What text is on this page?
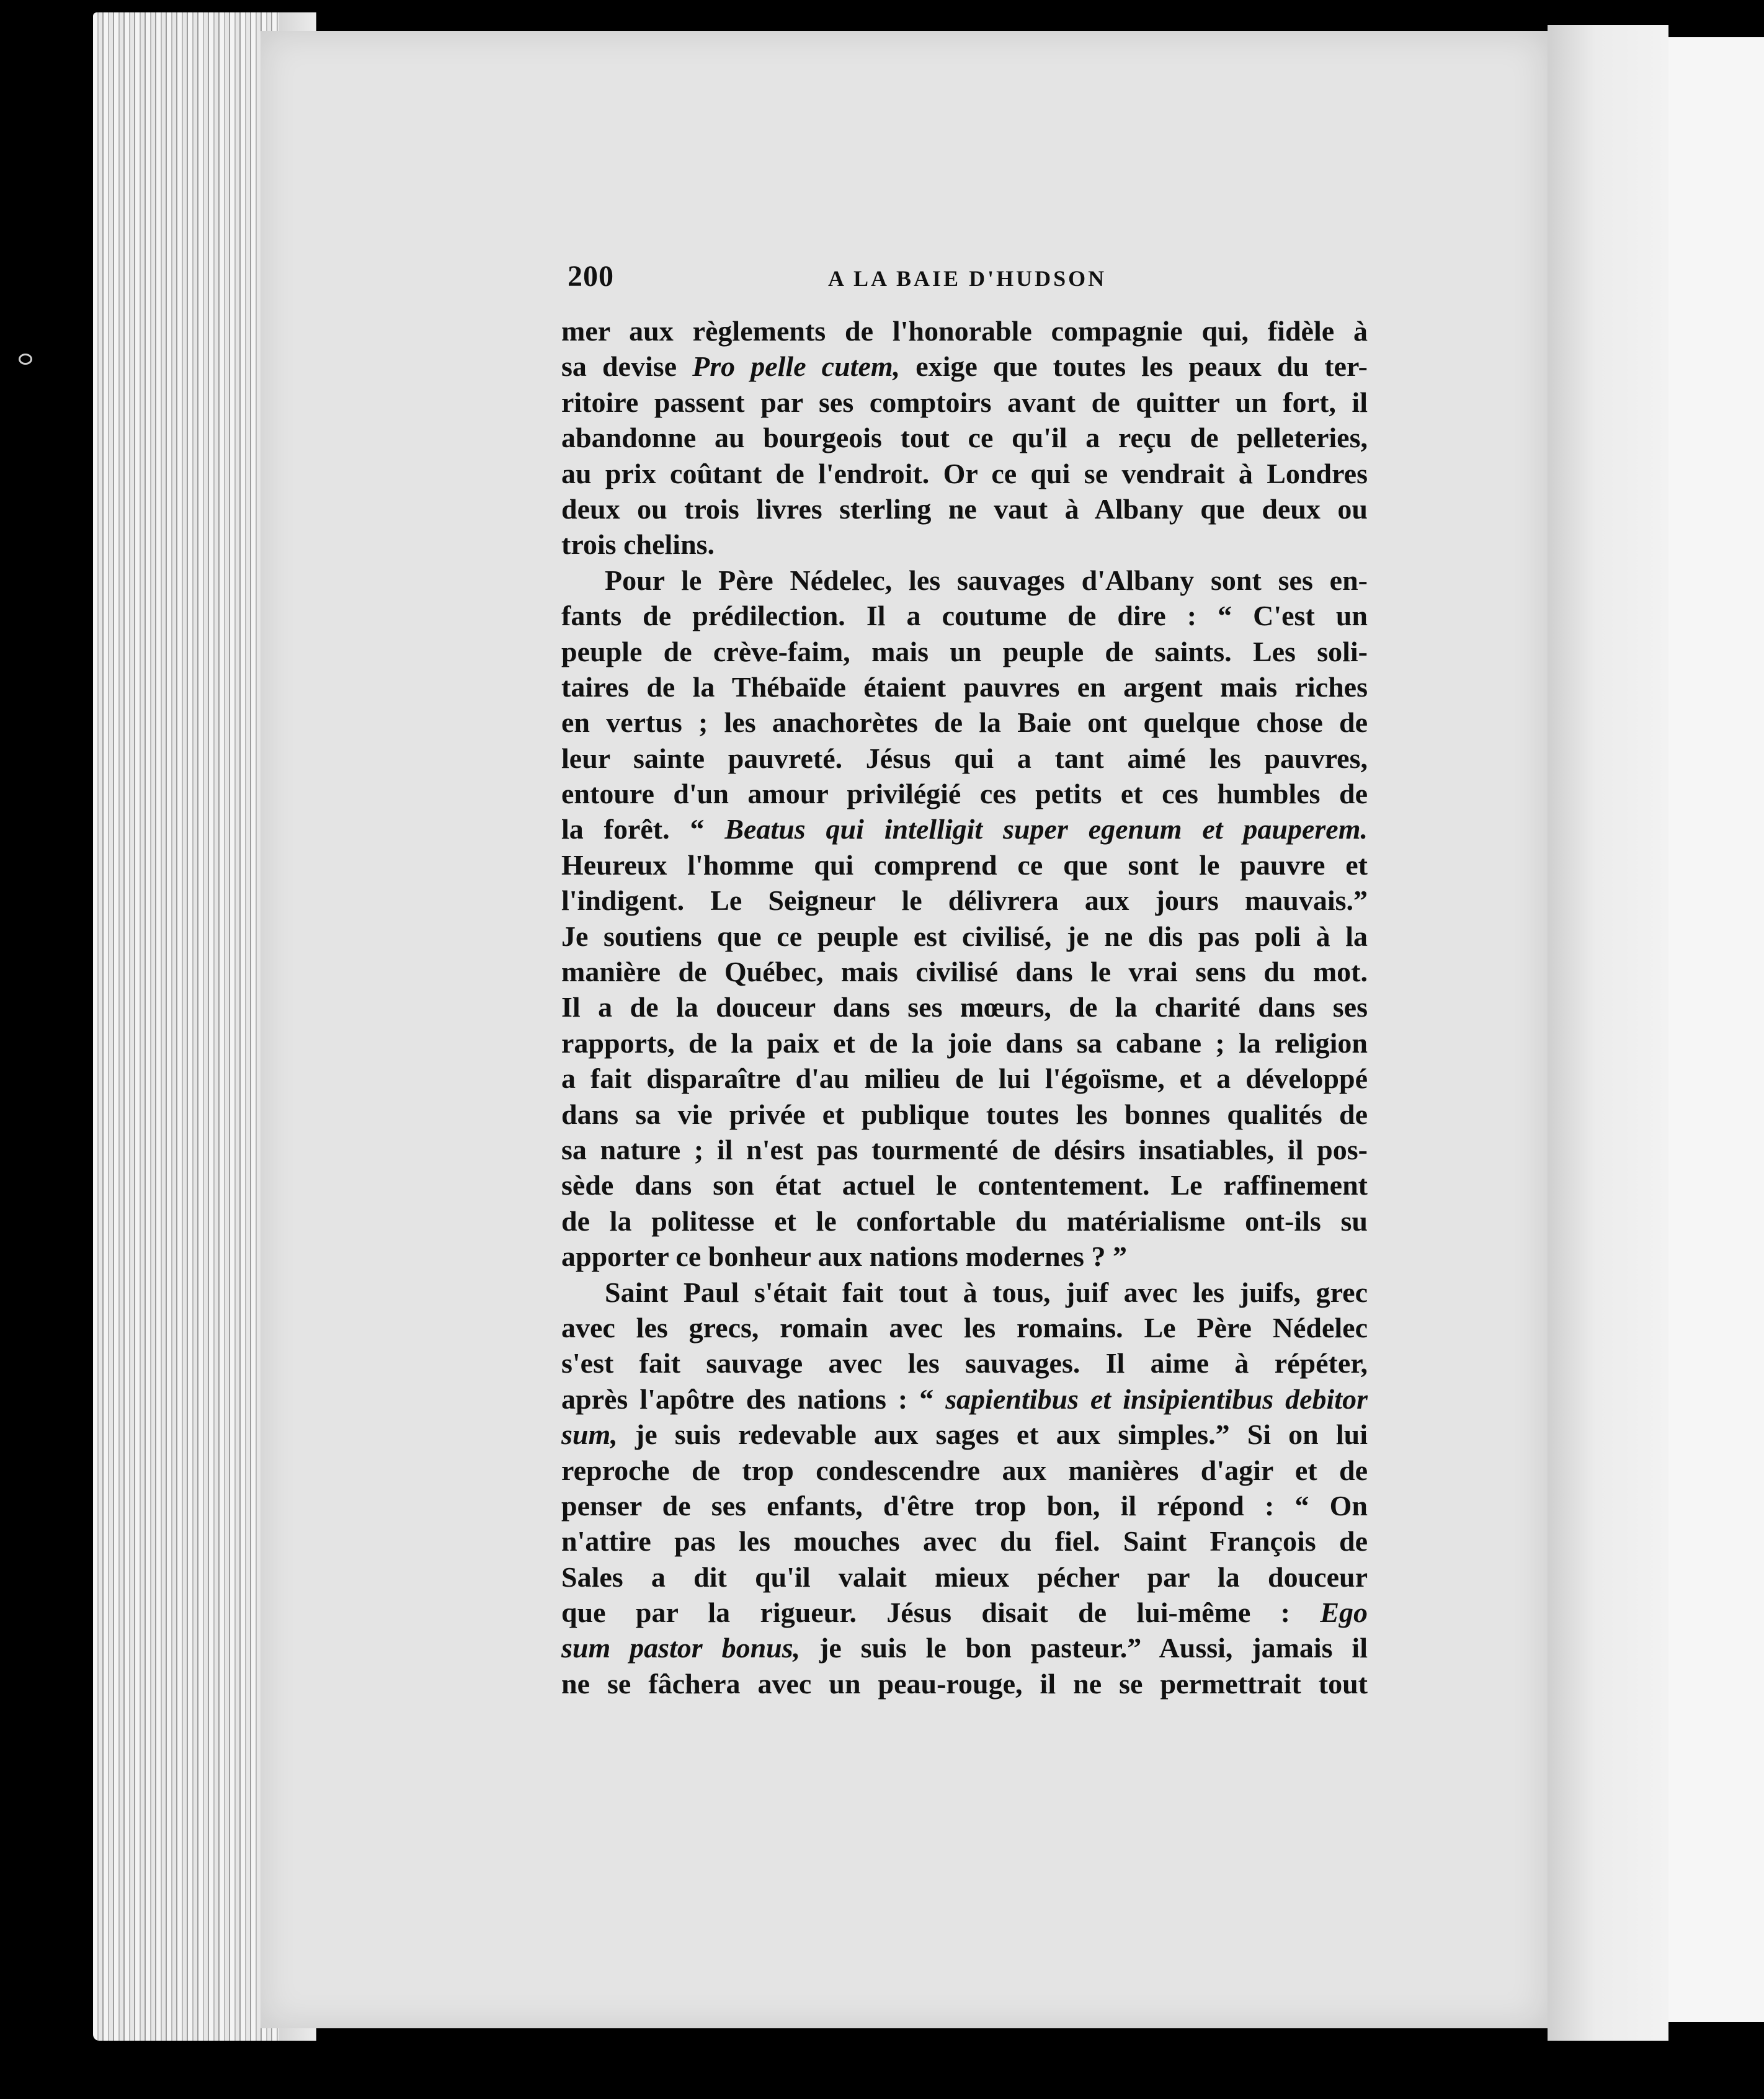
200	A LA BAIE D'HUDSON
mer aux règlements de l'honorable compagnie qui, fidèle à
sa devise Pro pelle cutem, exige que toutes les peaux du ter-
ritoire passent par ses comptoirs avant de quitter un fort, il
abandonne au bourgeois tout ce qu'il a reçu de pelleteries,
au prix coûtant de l'endroit. Or ce qui se vendrait à Londres
deux ou trois livres sterling ne vaut à Albany que deux ou
trois chelins.
Pour le Père Nédelec, les sauvages d'Albany sont ses en-
fants de prédilection. Il a coutume de dire : “ C'est un
peuple de crève-faim, mais un peuple de saints. Les soli-
taires de la Thébaïde étaient pauvres en argent mais riches
en vertus ; les anachorètes de la Baie ont quelque chose de
leur sainte pauvreté. Jésus qui a tant aimé les pauvres,
entoure d'un amour privilégié ces petits et ces humbles de
la forêt. “ Beatus qui intelligit super egenum et pauperem.
Heureux l'homme qui comprend ce que sont le pauvre et
l'indigent. Le Seigneur le délivrera aux jours mauvais.”
Je soutiens que ce peuple est civilisé, je ne dis pas poli à la
manière de Québec, mais civilisé dans le vrai sens du mot.
Il a de la douceur dans ses mœurs, de la charité dans ses
rapports, de la paix et de la joie dans sa cabane ; la religion
a fait disparaître d'au milieu de lui l'égoïsme, et a développé
dans sa vie privée et publique toutes les bonnes qualités de
sa nature ; il n'est pas tourmenté de désirs insatiables, il pos-
sède dans son état actuel le contentement. Le raffinement
de la politesse et le confortable du matérialisme ont-ils su
apporter ce bonheur aux nations modernes ? ”
Saint Paul s'était fait tout à tous, juif avec les juifs, grec
avec les grecs, romain avec les romains. Le Père Nédelec
s'est fait sauvage avec les sauvages. Il aime à répéter,
après l'apôtre des nations : “ sapientibus et insipientibus debitor
sum, je suis redevable aux sages et aux simples.” Si on lui
reproche de trop condescendre aux manières d'agir et de
penser de ses enfants, d'être trop bon, il répond : “ On
n'attire pas les mouches avec du fiel. Saint François de
Sales a dit qu'il valait mieux pécher par la douceur
que par la rigueur. Jésus disait de lui-même : Ego
sum pastor bonus, je suis le bon pasteur.” Aussi, jamais il
ne se fâchera avec un peau-rouge, il ne se permettrait tout
